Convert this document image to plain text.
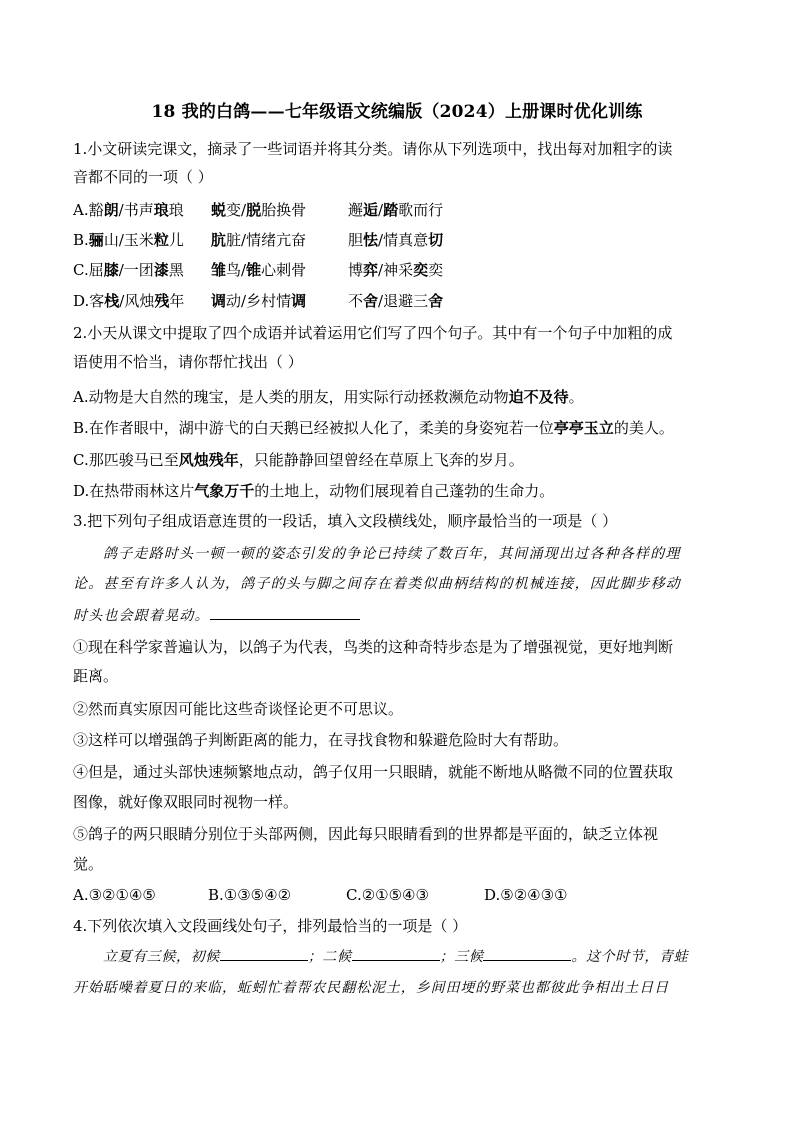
18 我的白鸽——七年级语文统编版（2024）上册课时优化训练
1.小文研读完课文，摘录了一些词语并将其分类。请你从下列选项中，找出每对加粗字的读
音都不同的一项（ ）
A.豁朗/书声琅琅 蜕变/脱胎换骨	邂逅/踏歌而行
B.骊山/玉米粒儿 肮脏/情绪亢奋	胆怯/情真意切
C.屈膝/一团漆黑 雏鸟/锥心刺骨	博弈/神采奕奕
D.客栈/风烛残年 调动/乡村情调	不舍/退避三舍
2.小天从课文中提取了四个成语并试着运用它们写了四个句子。其中有一个句子中加粗的成
语使用不恰当，请你帮忙找出（ ）
A.动物是大自然的瑰宝，是人类的朋友，用实际行动拯救濒危动物迫不及待。
B.在作者眼中，湖中游弋的白天鹅已经被拟人化了，柔美的身姿宛若一位亭亭玉立的美人。
C.那匹骏马已至风烛残年，只能静静回望曾经在草原上飞奔的岁月。
D.在热带雨林这片气象万千的土地上，动物们展现着自己蓬勃的生命力。
3.把下列句子组成语意连贯的一段话，填入文段横线处，顺序最恰当的一项是（ ）
鸽子走路时头一顿一顿的姿态引发的争论已持续了数百年，其间涌现出过各种各样的理
论。甚至有许多人认为，鸽子的头与脚之间存在着类似曲柄结构的机械连接，因此脚步移动
时头也会跟着晃动。
①现在科学家普遍认为，以鸽子为代表，鸟类的这种奇特步态是为了增强视觉，更好地判断
距离。
②然而真实原因可能比这些奇谈怪论更不可思议。
③这样可以增强鸽子判断距离的能力，在寻找食物和躲避危险时大有帮助。
④但是，通过头部快速频繁地点动，鸽子仅用一只眼睛，就能不断地从略微不同的位置获取
图像，就好像双眼同时视物一样。
⑤鸽子的两只眼睛分别位于头部两侧，因此每只眼睛看到的世界都是平面的，缺乏立体视
觉。
A.③②①④⑤	B.①③⑤④②	C.②①⑤④③	D.⑤②④③①
4.下列依次填入文段画线处句子，排列最恰当的一项是（ ）
立夏有三候，初候	；二候	；三候	。这个时节，青蛙
开始聒噪着夏日的来临，蚯蚓忙着帮农民翻松泥土，乡间田埂的野菜也都彼此争相出土日日
